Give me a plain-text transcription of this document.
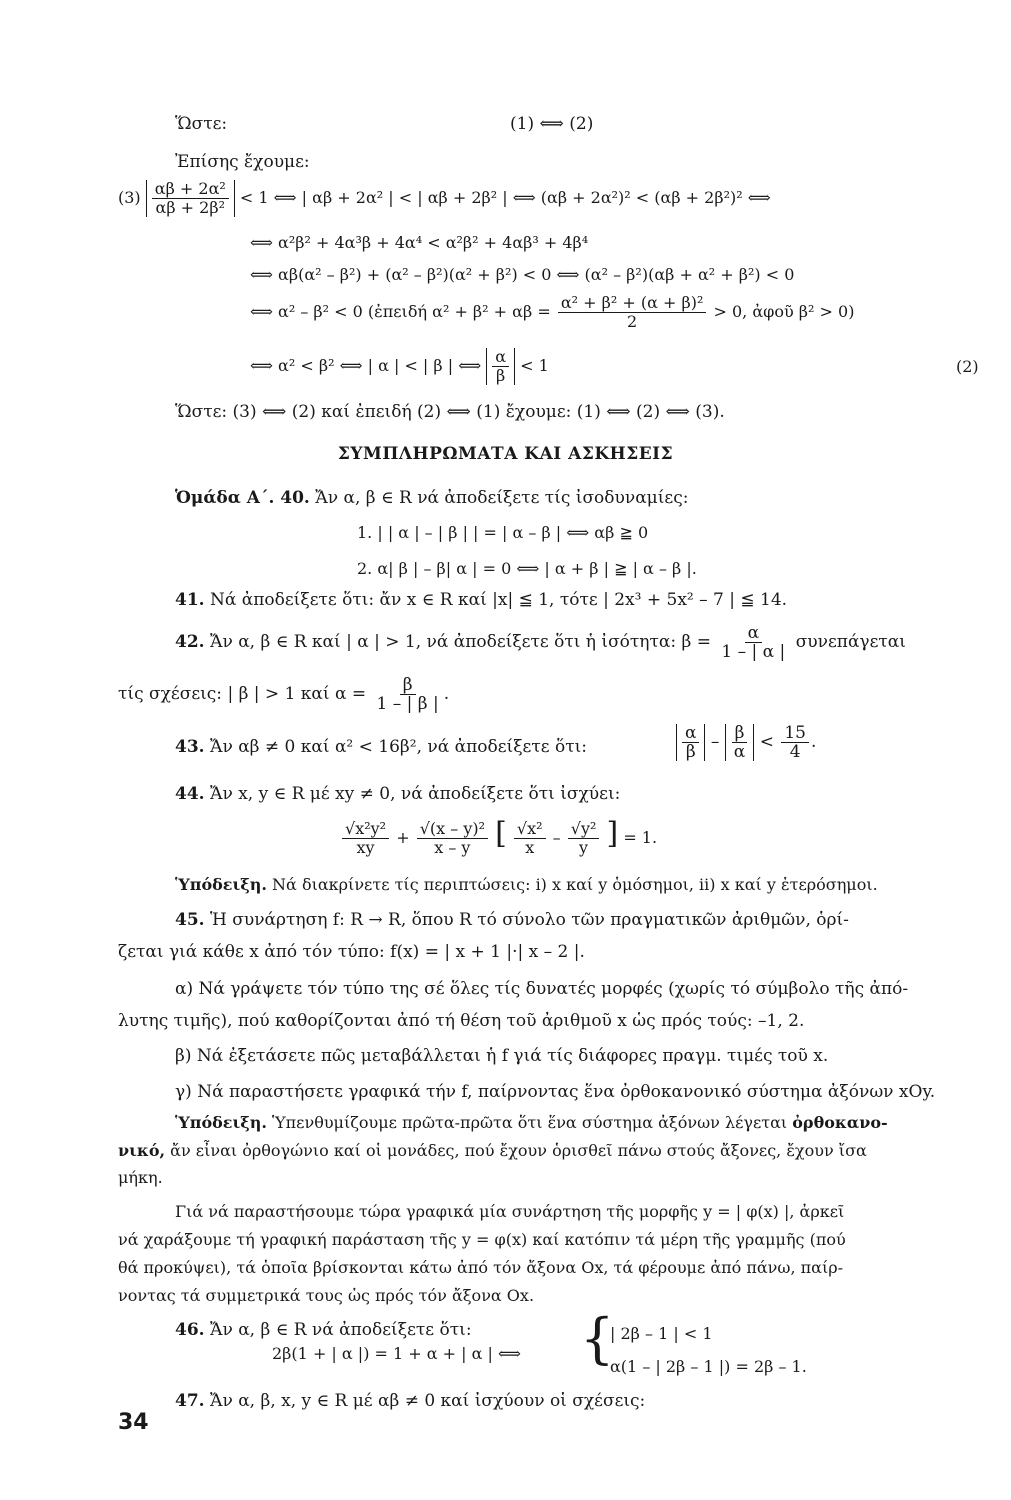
Ὥστε:	(1) ⟺ (2)
Ἐπίσης ἔχουμε:
$(3) \frac{\text{αβ + 2α²}}{\text{αβ + 2β²}} < 1$ ⟺ | αβ + 2α² | < | αβ + 2β² | ⟺ (αβ + 2α²)² < (αβ + 2β²)² ⟺
⟺ α²β² + 4α³β + 4α⁴ < α²β² + 4αβ³ + 4β⁴
⟺ αβ(α² – β²) + (α² – β²)(α² + β²) < 0 ⟺ (α² – β²)(αβ + α² + β²) < 0
⟺ α² – β² < 0 (ἐπειδή $\alpha^2 + \beta^2 + \alpha\beta = \frac{\text{α² + β² + (α + β)²}}{2} > 0$, ἀφοῦ β² > 0)
⟺ α² < β² ⟺ | α | < | β | ⟺ $\frac{\alpha}{\beta} < 1$	(2)
Ὥστε: (3) ⟺ (2) καί ἐπειδή (2) ⟺ (1) ἔχουμε: (1) ⟺ (2) ⟺ (3).
ΣΥΜΠΛΗΡΩΜΑΤΑ ΚΑΙ ΑΣΚΗΣΕΙΣ
Ὁμάδα Α΄. 40. Ἄν α, β ∈ R νά ἀποδείξετε τίς ἰσοδυναμίες:
1. | | α | – | β | | = | α – β | ⟺ αβ ≧ 0
2. α| β | – β| α | = 0 ⟺ | α + β | ≧ | α – β |.
41. Νά ἀποδείξετε ὅτι: ἄν x ∈ R καί |x| ≦ 1, τότε | 2x³ + 5x² – 7 | ≦ 14.
42. Ἄν α, β ∈ R καί | α | > 1, νά ἀποδείξετε ὅτι ἡ ἰσότητα: $\beta = \frac{\alpha}{1 - | \alpha |}$ συνεπάγεται
τίς σχέσεις: | β | > 1 καί $\alpha = \frac{\beta}{1 - | \beta |}$ .
43. Ἄν αβ ≠ 0 καί α² < 16β², νά ἀποδείξετε ὅτι:	$\frac{\alpha}{\beta} - \frac{\beta}{\alpha} < \frac{15}{4}$ .
44. Ἄν x, y ∈ R μέ xy ≠ 0, νά ἀποδείξετε ὅτι ἰσχύει:
$\frac{\text{√x²y²}}{xy} + \frac{\text{√(x – y)²}}{x - y}$ [ $\frac{\text{√x²}}{x} - \frac{\text{√y²}}{y}$ ] = 1.
Ὑπόδειξη. Νά διακρίνετε τίς περιπτώσεις: i) x καί y ὁμόσημοι, ii) x καί y ἑτερόσημοι.
45. Ἡ συνάρτηση f: R → R, ὅπου R τό σύνολο τῶν πραγματικῶν ἀριθμῶν, ὁρί-
ζεται γιά κάθε x ἀπό τόν τύπο: f(x) = | x + 1 |·| x – 2 |.
α) Νά γράψετε τόν τύπο της σέ ὅλες τίς δυνατές μορφές (χωρίς τό σύμβολο τῆς ἀπό-
λυτης τιμῆς), πού καθορίζονται ἀπό τή θέση τοῦ ἀριθμοῦ x ὡς πρός τούς: –1, 2.
β) Νά ἐξετάσετε πῶς μεταβάλλεται ἡ f γιά τίς διάφορες πραγμ. τιμές τοῦ x.
γ) Νά παραστήσετε γραφικά τήν f, παίρνοντας ἕνα ὀρθοκανονικό σύστημα ἀξόνων xOy.
Ὑπόδειξη. Ὑπενθυμίζουμε πρῶτα-πρῶτα ὅτι ἕνα σύστημα ἀξόνων λέγεται ὀρθοκανο-
νικό, ἄν εἶναι ὀρθογώνιο καί οἱ μονάδες, πού ἔχουν ὁρισθεῖ πάνω στούς ἄξονες, ἔχουν ἴσα
μήκη.
Γιά νά παραστήσουμε τώρα γραφικά μία συνάρτηση τῆς μορφῆς y = | φ(x) |, ἀρκεῖ
νά χαράξουμε τή γραφική παράσταση τῆς y = φ(x) καί κατόπιν τά μέρη τῆς γραμμῆς (πού
θά προκύψει), τά ὁποῖα βρίσκονται κάτω ἀπό τόν ἄξονα Ox, τά φέρουμε ἀπό πάνω, παίρ-
νοντας τά συμμετρικά τους ὡς πρός τόν ἄξονα Ox.
46. Ἄν α, β ∈ R νά ἀποδείξετε ὅτι:
2β(1 + | α |) = 1 + α + | α | ⟺ {
| 2β – 1 | < 1
α(1 – | 2β – 1 |) = 2β – 1.
47. Ἄν α, β, x, y ∈ R μέ αβ ≠ 0 καί ἰσχύουν οἱ σχέσεις:
34
